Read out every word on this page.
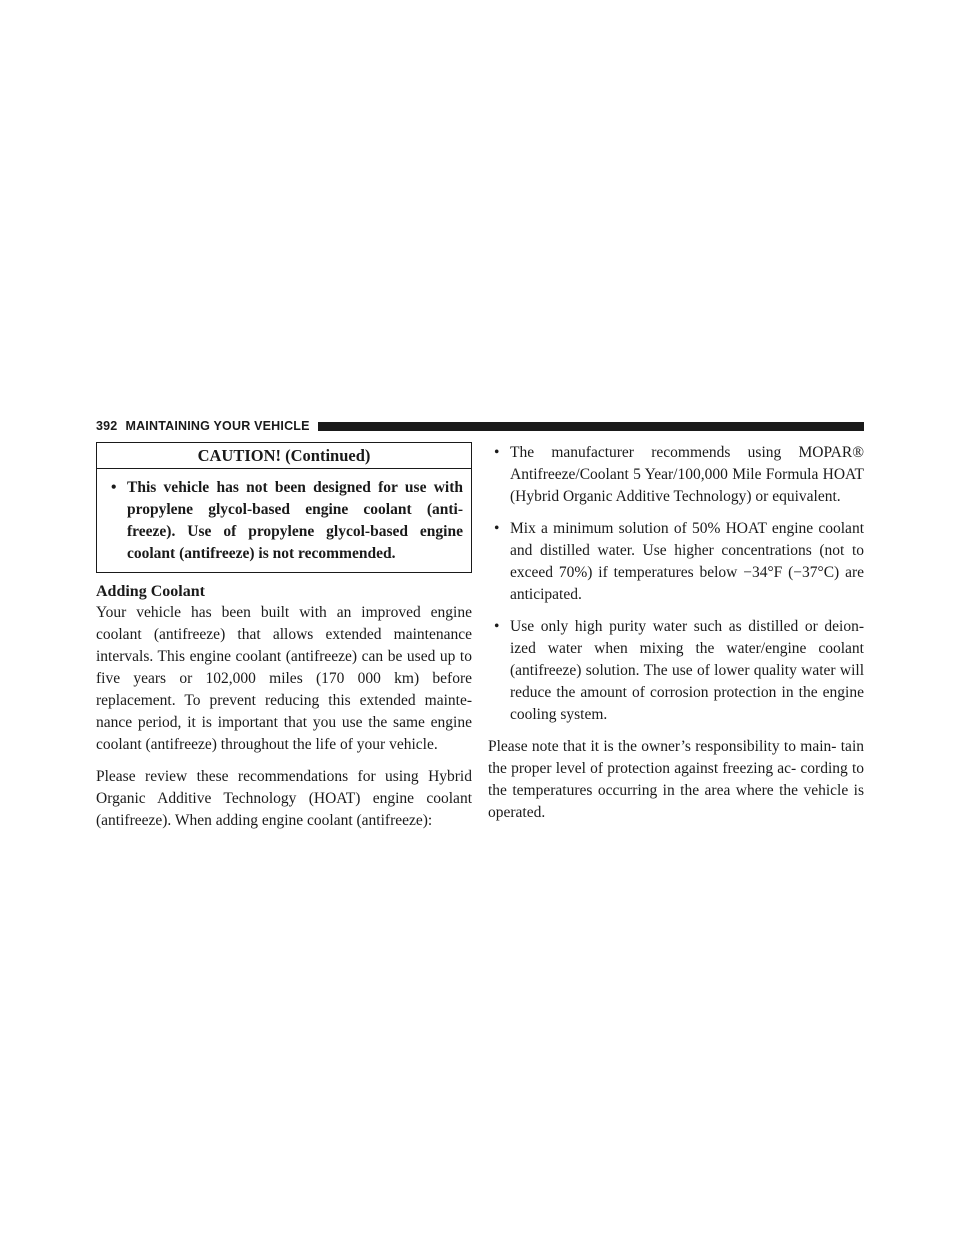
392 MAINTAINING YOUR VEHICLE
CAUTION! (Continued)
• This vehicle has not been designed for use with propylene glycol-based engine coolant (anti- freeze). Use of propylene glycol-based engine coolant (antifreeze) is not recommended.
Adding Coolant

Your vehicle has been built with an improved engine coolant (antifreeze) that allows extended maintenance intervals. This engine coolant (antifreeze) can be used up to five years or 102,000 miles (170 000 km) before replacement. To prevent reducing this extended mainte- nance period, it is important that you use the same engine coolant (antifreeze) throughout the life of your vehicle.

Please review these recommendations for using Hybrid Organic Additive Technology (HOAT) engine coolant (antifreeze). When adding engine coolant (antifreeze):

• The manufacturer recommends using MOPAR® Antifreeze/Coolant 5 Year/100,000 Mile Formula HOAT (Hybrid Organic Additive Technology) or equivalent.
• Mix a minimum solution of 50% HOAT engine coolant and distilled water. Use higher concentrations (not to exceed 70%) if temperatures below −34°F (−37°C) are anticipated.
• Use only high purity water such as distilled or deion- ized water when mixing the water/engine coolant (antifreeze) solution. The use of lower quality water will reduce the amount of corrosion protection in the engine cooling system.

Please note that it is the owner’s responsibility to main- tain the proper level of protection against freezing ac- cording to the temperatures occurring in the area where the vehicle is operated.
